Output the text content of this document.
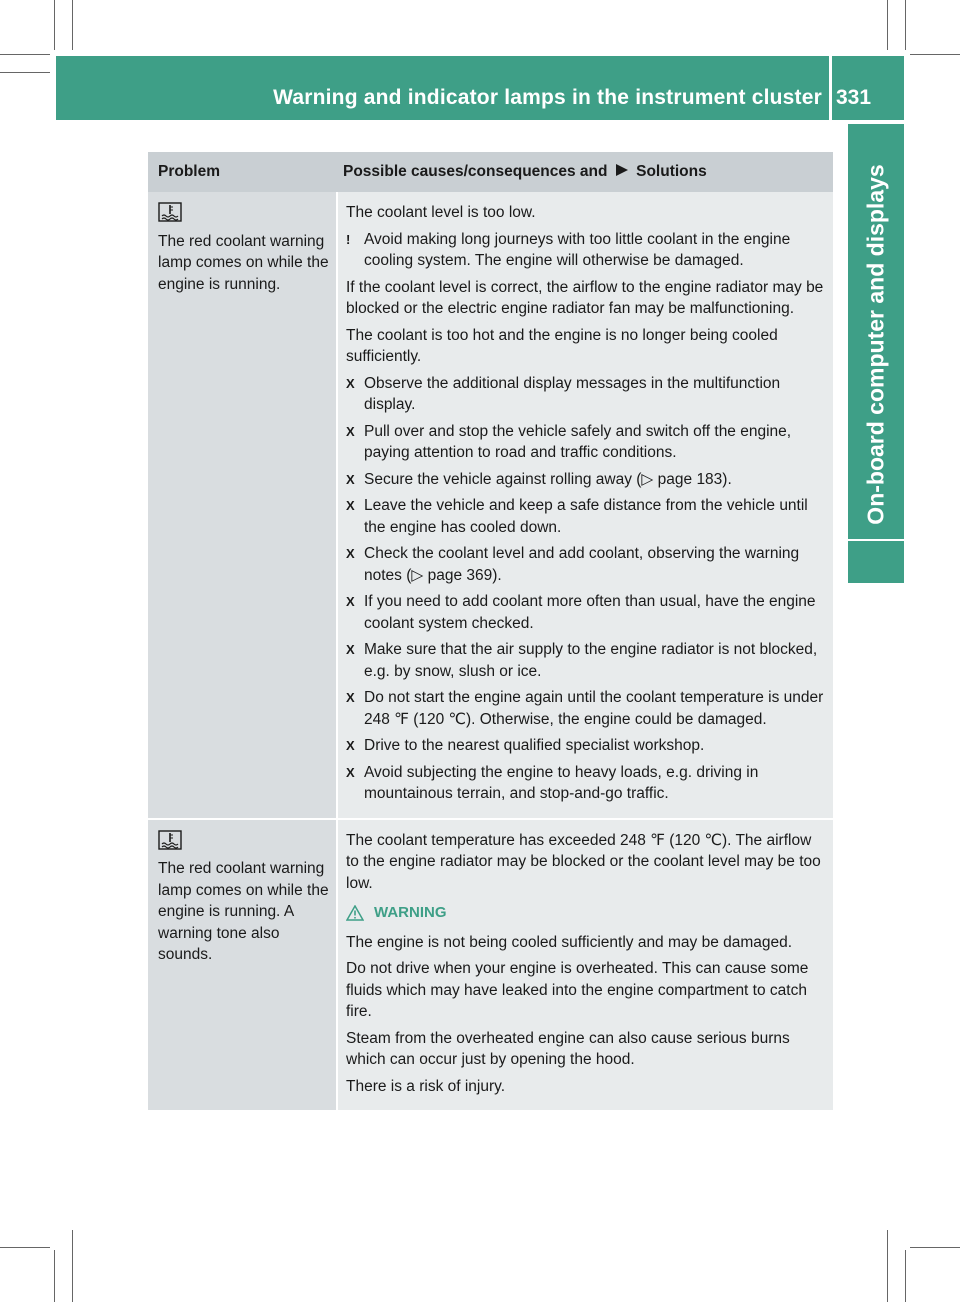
Warning and indicator lamps in the instrument cluster 331
On-board computer and displays
Problem	Possible causes/consequences and Solutions
The red coolant warning lamp comes on while the engine is running.

The coolant level is too low.

! Avoid making long journeys with too little coolant in the engine cooling system. The engine will otherwise be damaged.

If the coolant level is correct, the airflow to the engine radiator may be blocked or the electric engine radiator fan may be malfunctioning.

The coolant is too hot and the engine is no longer being cooled sufficiently.

X Observe the additional display messages in the multifunction display.
X Pull over and stop the vehicle safely and switch off the engine, paying attention to road and traffic conditions.
X Secure the vehicle against rolling away (▷ page 183).
X Leave the vehicle and keep a safe distance from the vehicle until the engine has cooled down.
X Check the coolant level and add coolant, observing the warning notes (▷ page 369).
X If you need to add coolant more often than usual, have the engine coolant system checked.
X Make sure that the air supply to the engine radiator is not blocked, e.g. by snow, slush or ice.
X Do not start the engine again until the coolant temperature is under 248 ℉ (120 ℃). Otherwise, the engine could be damaged.
X Drive to the nearest qualified specialist workshop.
X Avoid subjecting the engine to heavy loads, e.g. driving in mountainous terrain, and stop-and-go traffic.
The red coolant warning lamp comes on while the engine is running. A warning tone also sounds.

The coolant temperature has exceeded 248 ℉ (120 ℃). The airflow to the engine radiator may be blocked or the coolant level may be too low.

WARNING

The engine is not being cooled sufficiently and may be damaged.

Do not drive when your engine is overheated. This can cause some fluids which may have leaked into the engine compartment to catch fire.

Steam from the overheated engine can also cause serious burns which can occur just by opening the hood.

There is a risk of injury.
